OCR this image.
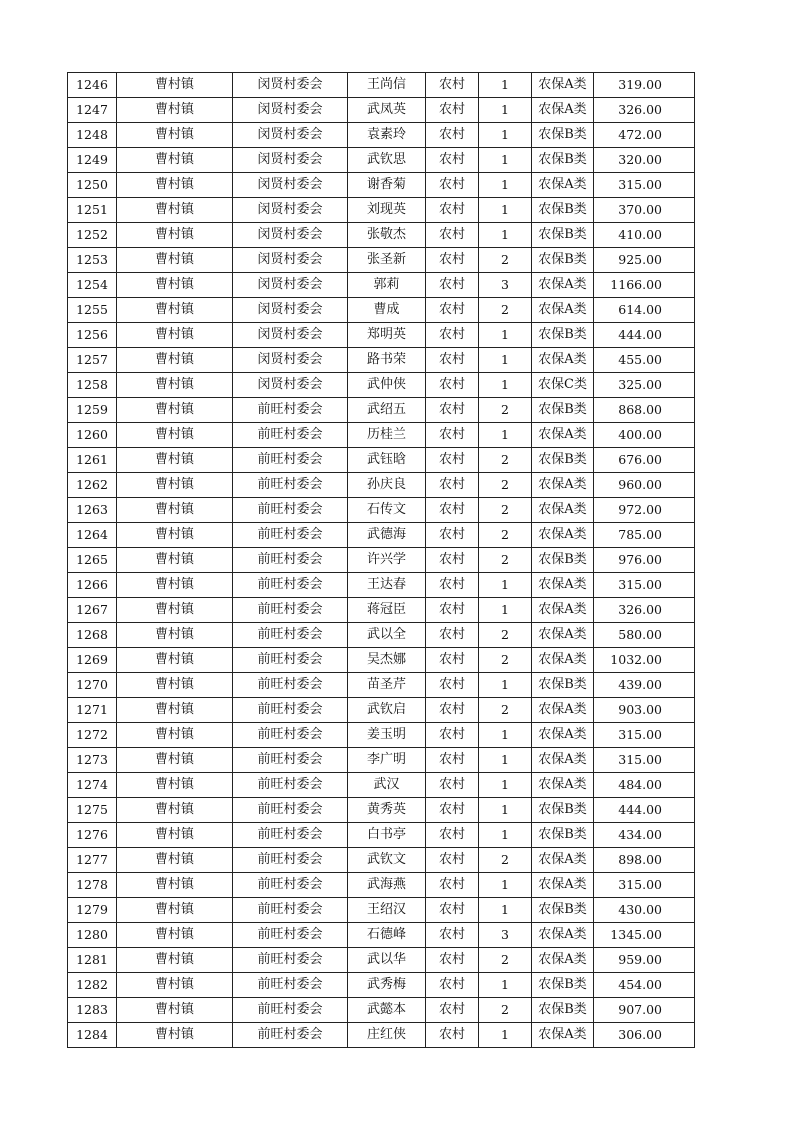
1246	曹村镇	闵贤村委会	王尚信	农村	1	农保A类	319.00
1247	曹村镇	闵贤村委会	武凤英	农村	1	农保A类	326.00
1248	曹村镇	闵贤村委会	袁素玲	农村	1	农保B类	472.00
1249	曹村镇	闵贤村委会	武钦思	农村	1	农保B类	320.00
1250	曹村镇	闵贤村委会	谢香菊	农村	1	农保A类	315.00
1251	曹村镇	闵贤村委会	刘现英	农村	1	农保B类	370.00
1252	曹村镇	闵贤村委会	张敬杰	农村	1	农保B类	410.00
1253	曹村镇	闵贤村委会	张圣新	农村	2	农保B类	925.00
1254	曹村镇	闵贤村委会	郭莉	农村	3	农保A类	1166.00
1255	曹村镇	闵贤村委会	曹成	农村	2	农保A类	614.00
1256	曹村镇	闵贤村委会	郑明英	农村	1	农保B类	444.00
1257	曹村镇	闵贤村委会	路书荣	农村	1	农保A类	455.00
1258	曹村镇	闵贤村委会	武仲侠	农村	1	农保C类	325.00
1259	曹村镇	前旺村委会	武绍五	农村	2	农保B类	868.00
1260	曹村镇	前旺村委会	历桂兰	农村	1	农保A类	400.00
1261	曹村镇	前旺村委会	武钰晗	农村	2	农保B类	676.00
1262	曹村镇	前旺村委会	孙庆良	农村	2	农保A类	960.00
1263	曹村镇	前旺村委会	石传文	农村	2	农保A类	972.00
1264	曹村镇	前旺村委会	武德海	农村	2	农保A类	785.00
1265	曹村镇	前旺村委会	许兴学	农村	2	农保B类	976.00
1266	曹村镇	前旺村委会	王达春	农村	1	农保A类	315.00
1267	曹村镇	前旺村委会	蒋冠臣	农村	1	农保A类	326.00
1268	曹村镇	前旺村委会	武以全	农村	2	农保A类	580.00
1269	曹村镇	前旺村委会	吴杰娜	农村	2	农保A类	1032.00
1270	曹村镇	前旺村委会	苗圣芹	农村	1	农保B类	439.00
1271	曹村镇	前旺村委会	武钦启	农村	2	农保A类	903.00
1272	曹村镇	前旺村委会	姜玉明	农村	1	农保A类	315.00
1273	曹村镇	前旺村委会	李广明	农村	1	农保A类	315.00
1274	曹村镇	前旺村委会	武汉	农村	1	农保A类	484.00
1275	曹村镇	前旺村委会	黄秀英	农村	1	农保B类	444.00
1276	曹村镇	前旺村委会	白书亭	农村	1	农保B类	434.00
1277	曹村镇	前旺村委会	武钦文	农村	2	农保A类	898.00
1278	曹村镇	前旺村委会	武海燕	农村	1	农保A类	315.00
1279	曹村镇	前旺村委会	王绍汉	农村	1	农保B类	430.00
1280	曹村镇	前旺村委会	石德峰	农村	3	农保A类	1345.00
1281	曹村镇	前旺村委会	武以华	农村	2	农保A类	959.00
1282	曹村镇	前旺村委会	武秀梅	农村	1	农保B类	454.00
1283	曹村镇	前旺村委会	武懿本	农村	2	农保B类	907.00
1284	曹村镇	前旺村委会	庄红侠	农村	1	农保A类	306.00
